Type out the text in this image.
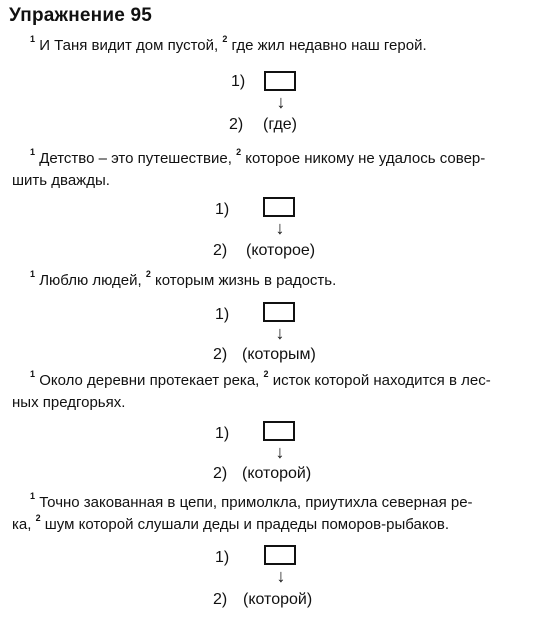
Упражнение 95
$^1$ И Таня видит дом пустой, $^2$ где жил недавно наш герой.
1)
↓
2) (где)
$^1$ Детство – это путешествие, $^2$ которое никому не удалось совер-
шить дважды.
1)
↓
2) (которое)
$^1$ Люблю людей, $^2$ которым жизнь в радость.
1)
↓
2) (которым)
$^1$ Около деревни протекает река, $^2$ исток которой находится в лес-
ных предгорьях.
1)
↓
2) (которой)
$^1$ Точно закованная в цепи, примолкла, приутихла северная ре-
ка, $^2$ шум которой слушали деды и прадеды поморов-рыбаков.
1)
↓
2) (которой)
